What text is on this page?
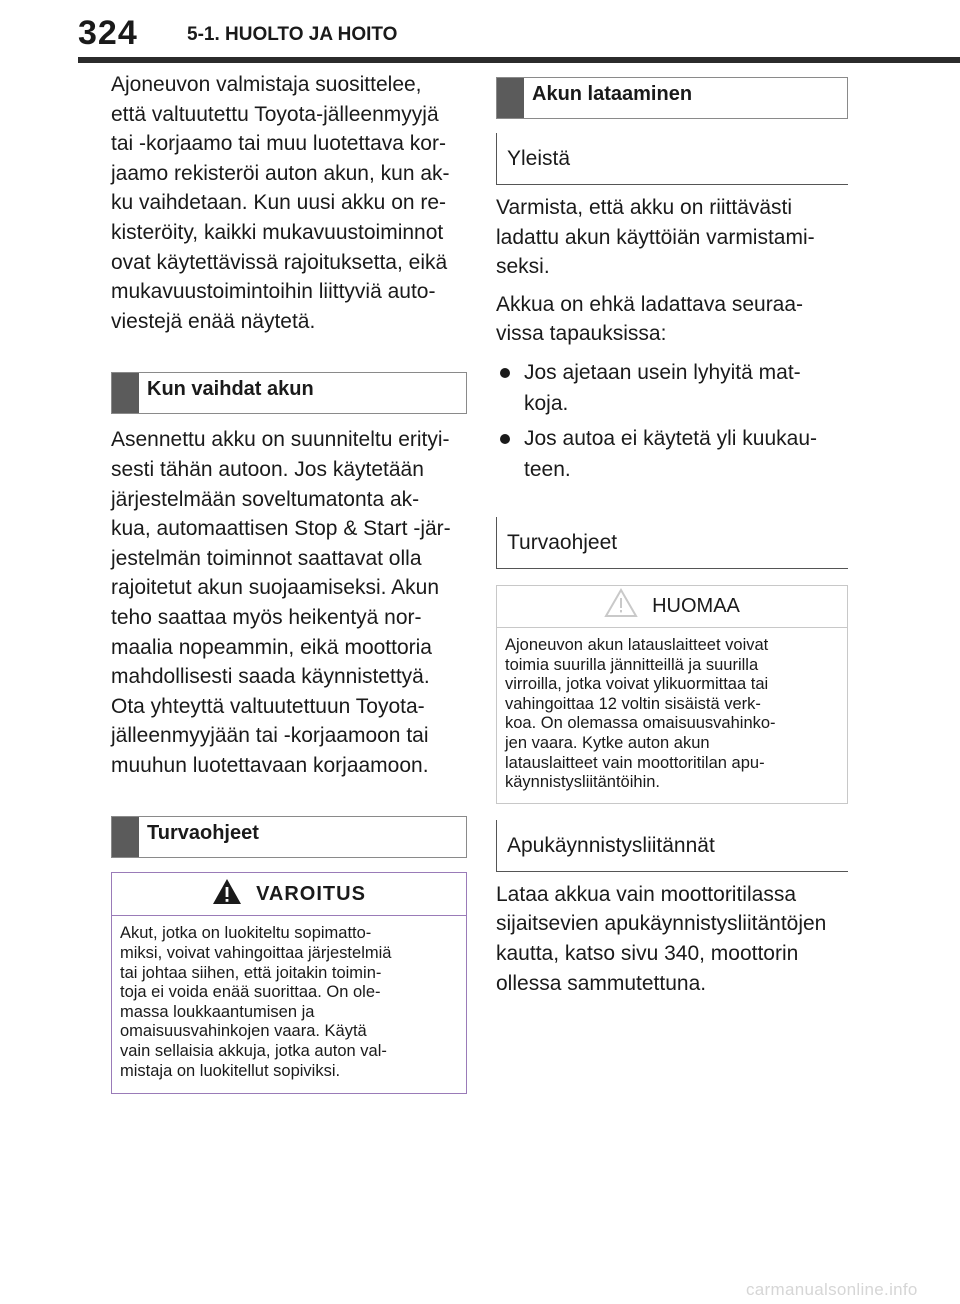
324	5-1. HUOLTO JA HOITO
Ajoneuvon valmistaja suosittelee,
että valtuutettu Toyota-jälleenmyyjä
tai -korjaamo tai muu luotettava kor-
jaamo rekisteröi auton akun, kun ak-
ku vaihdetaan. Kun uusi akku on re-
kisteröity, kaikki mukavuustoiminnot
ovat käytettävissä rajoituksetta, eikä
mukavuustoimintoihin liittyviä auto-
viestejä enää näytetä.
Kun vaihdat akun
Asennettu akku on suunniteltu erityi-
sesti tähän autoon. Jos käytetään
järjestelmään soveltumatonta ak-
kua, automaattisen Stop & Start -jär-
jestelmän toiminnot saattavat olla
rajoitetut akun suojaamiseksi. Akun
teho saattaa myös heikentyä nor-
maalia nopeammin, eikä moottoria
mahdollisesti saada käynnistettyä.
Ota yhteyttä valtuutettuun Toyota-
jälleenmyyjään tai -korjaamoon tai
muuhun luotettavaan korjaamoon.
Turvaohjeet
VAROITUS
Akut, jotka on luokiteltu sopimatto-
miksi, voivat vahingoittaa järjestelmiä
tai johtaa siihen, että joitakin toimin-
toja ei voida enää suorittaa. On ole-
massa loukkaantumisen ja
omaisuusvahinkojen vaara. Käytä
vain sellaisia akkuja, jotka auton val-
mistaja on luokitellut sopiviksi.
Akun lataaminen
Yleistä
Varmista, että akku on riittävästi
ladattu akun käyttöiän varmistami-
seksi.
Akkua on ehkä ladattava seuraa-
vissa tapauksissa:
Jos ajetaan usein lyhyitä mat-
koja.
Jos autoa ei käytetä yli kuukau-
teen.
Turvaohjeet
HUOMAA
Ajoneuvon akun latauslaitteet voivat
toimia suurilla jännitteillä ja suurilla
virroilla, jotka voivat ylikuormittaa tai
vahingoittaa 12 voltin sisäistä verk-
koa. On olemassa omaisuusvahinko-
jen vaara. Kytke auton akun
latauslaitteet vain moottoritilan apu-
käynnistysliitäntöihin.
Apukäynnistysliitännät
Lataa akkua vain moottoritilassa
sijaitsevien apukäynnistysliitäntöjen
kautta, katso sivu 340, moottorin
ollessa sammutettuna.
carmanualsonline.info
